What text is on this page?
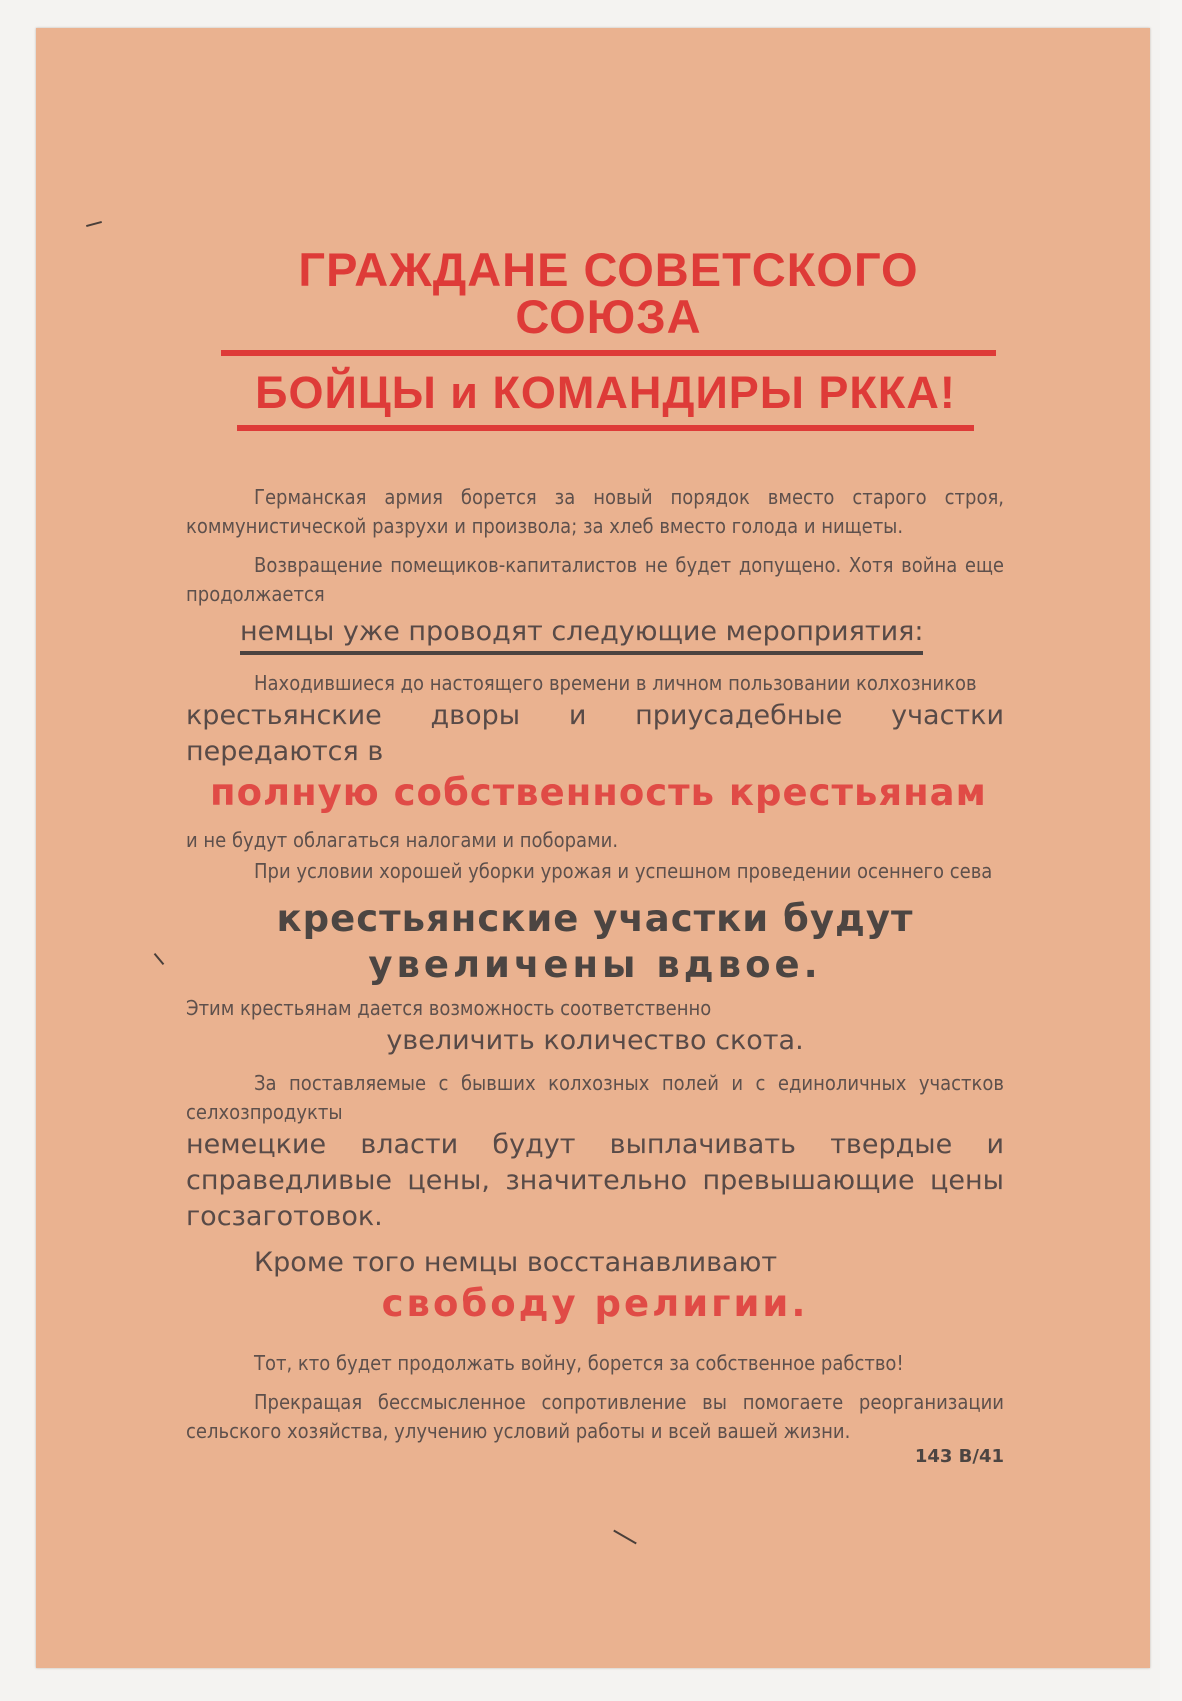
ГРАЖДАНЕ СОВЕТСКОГО СОЮЗА
БОЙЦЫ и КОМАНДИРЫ РККА!

Германская армия борется за новый порядок вместо старого строя, коммунистической разрухи и произвола; за хлеб вместо голода и нищеты.

Возвращение помещиков-капиталистов не будет допущено. Хотя война еще продолжается

немцы уже проводят следующие мероприятия:

Находившиеся до настоящего времени в личном пользовании колхозников

крестьянские дворы и приусадебные участки передаются в

полную собственность крестьянам

и не будут облагаться налогами и поборами.

При условии хорошей уборки урожая и успешном проведении осеннего сева

крестьянские участки будут

увеличены вдвое.

Этим крестьянам дается возможность соответственно

увеличить количество скота.

За поставляемые с бывших колхозных полей и с единоличных участков селхозпродукты

немецкие власти будут выплачивать твердые и справедливые цены, значительно превышающие цены госзаготовок.

Кроме того немцы восстанавливают

свободу религии.

Тот, кто будет продолжать войну, борется за собственное рабство!

Прекращая бессмысленное сопротивление вы помогаете реорганизации сельского хозяйства, улучению условий работы и всей вашей жизни.

143 В/41
